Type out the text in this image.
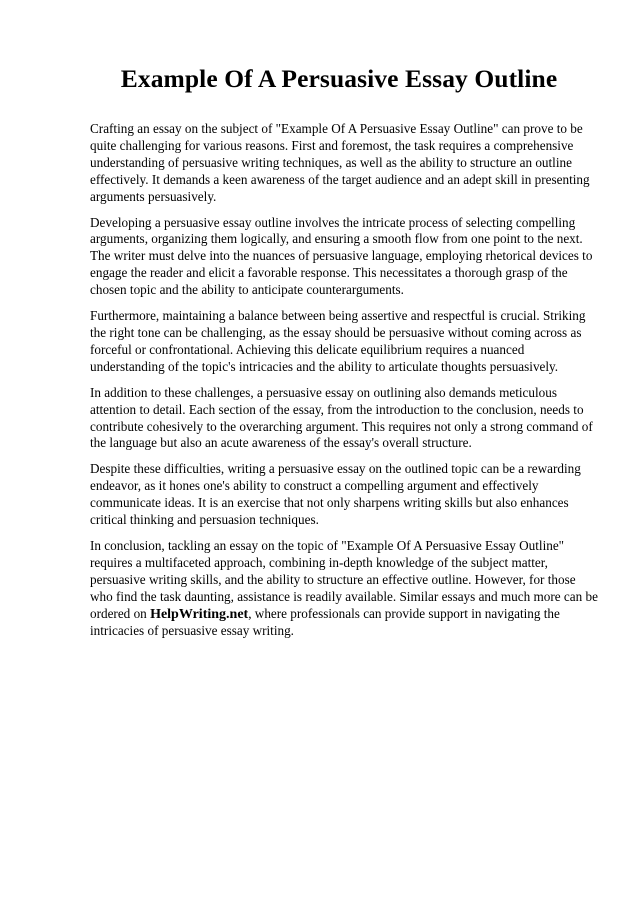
Example Of A Persuasive Essay Outline

Crafting an essay on the subject of "Example Of A Persuasive Essay Outline" can prove to be quite challenging for various reasons. First and foremost, the task requires a comprehensive understanding of persuasive writing techniques, as well as the ability to structure an outline effectively. It demands a keen awareness of the target audience and an adept skill in presenting arguments persuasively.

Developing a persuasive essay outline involves the intricate process of selecting compelling arguments, organizing them logically, and ensuring a smooth flow from one point to the next. The writer must delve into the nuances of persuasive language, employing rhetorical devices to engage the reader and elicit a favorable response. This necessitates a thorough grasp of the chosen topic and the ability to anticipate counterarguments.

Furthermore, maintaining a balance between being assertive and respectful is crucial. Striking the right tone can be challenging, as the essay should be persuasive without coming across as forceful or confrontational. Achieving this delicate equilibrium requires a nuanced understanding of the topic's intricacies and the ability to articulate thoughts persuasively.

In addition to these challenges, a persuasive essay on outlining also demands meticulous attention to detail. Each section of the essay, from the introduction to the conclusion, needs to contribute cohesively to the overarching argument. This requires not only a strong command of the language but also an acute awareness of the essay's overall structure.

Despite these difficulties, writing a persuasive essay on the outlined topic can be a rewarding endeavor, as it hones one's ability to construct a compelling argument and effectively communicate ideas. It is an exercise that not only sharpens writing skills but also enhances critical thinking and persuasion techniques.

In conclusion, tackling an essay on the topic of "Example Of A Persuasive Essay Outline" requires a multifaceted approach, combining in-depth knowledge of the subject matter, persuasive writing skills, and the ability to structure an effective outline. However, for those who find the task daunting, assistance is readily available. Similar essays and much more can be ordered on HelpWriting.net, where professionals can provide support in navigating the intricacies of persuasive essay writing.
